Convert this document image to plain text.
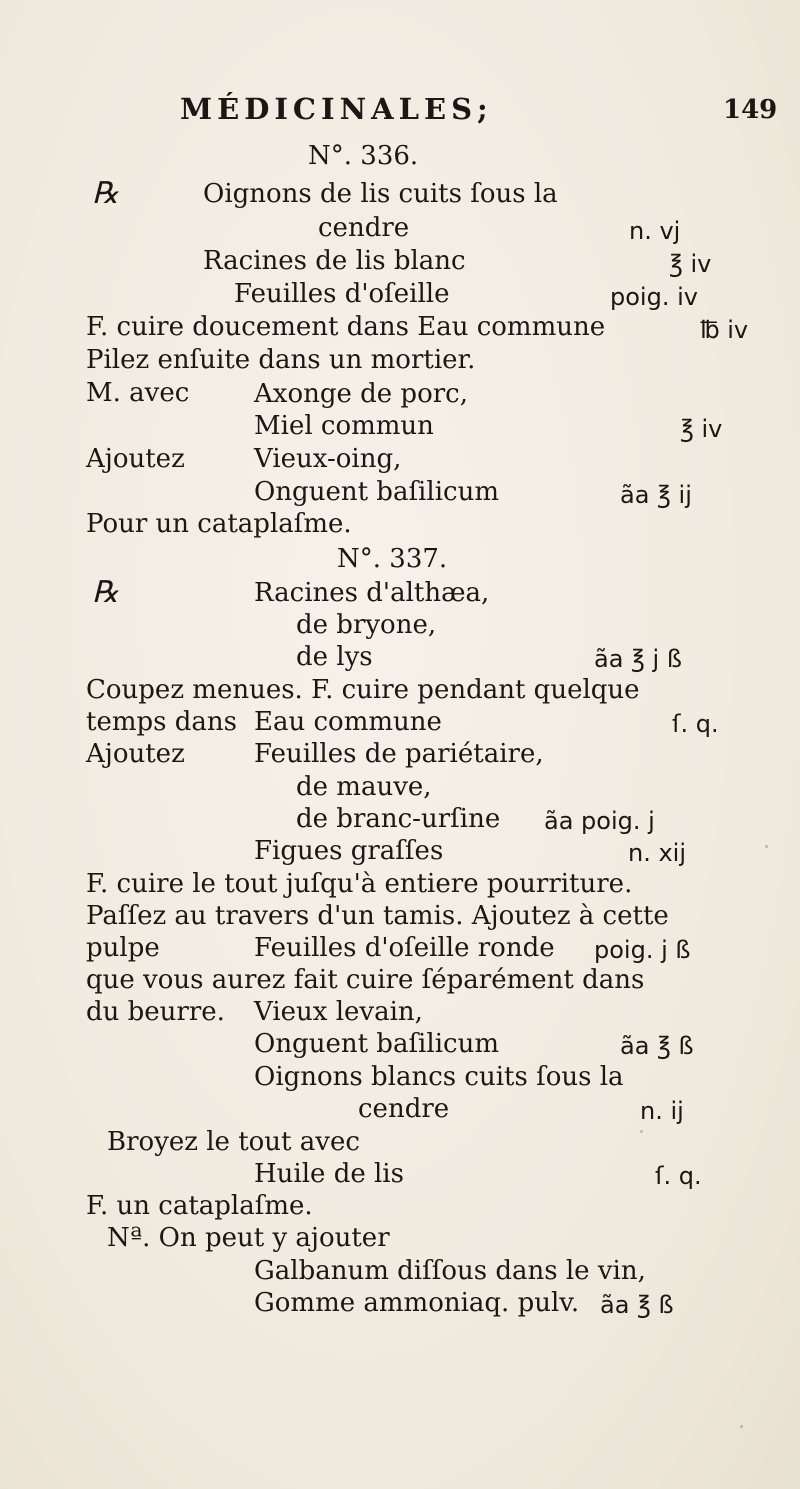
MÉDICINALES;	149
N°. 336.
℞	Oignons de lis cuits ſous la
cendre	n. vj
Racines de lis blanc	℥ iv
Feuilles d'oſeille	poig. iv
F. cuire doucement dans Eau commune	℔ iv
Pilez enſuite dans un mortier.
M. avec Axonge de porc,
Miel commun	℥ iv
Ajoutez	Vieux-oing,
Onguent baſilicum	ãa ℥ ij
Pour un cataplaſme.
N°. 337.
℞	Racines d'althæa,
de bryone,
de lys	ãa ℥ j ß
Coupez menues. F. cuire pendant quelque
temps dans Eau commune	ſ. q.
Ajoutez	Feuilles de pariétaire,
de mauve,
de branc-urſine ãa poig. j
Figues graſſes	n. xij
F. cuire le tout juſqu'à entiere pourriture.
Paſſez au travers d'un tamis. Ajoutez à cette
pulpe	Feuilles d'oſeille ronde poig. j ß
que vous aurez fait cuire ſéparément dans
du beurre. Vieux levain,
Onguent baſilicum	ãa ℥ ß
Oignons blancs cuits ſous la
cendre	n. ij
Broyez le tout avec
Huile de lis	ſ. q.
F. un cataplaſme.
Nª. On peut y ajouter
Galbanum diſſous dans le vin,
Gomme ammoniaq. pulv. ãa ℥ ß
